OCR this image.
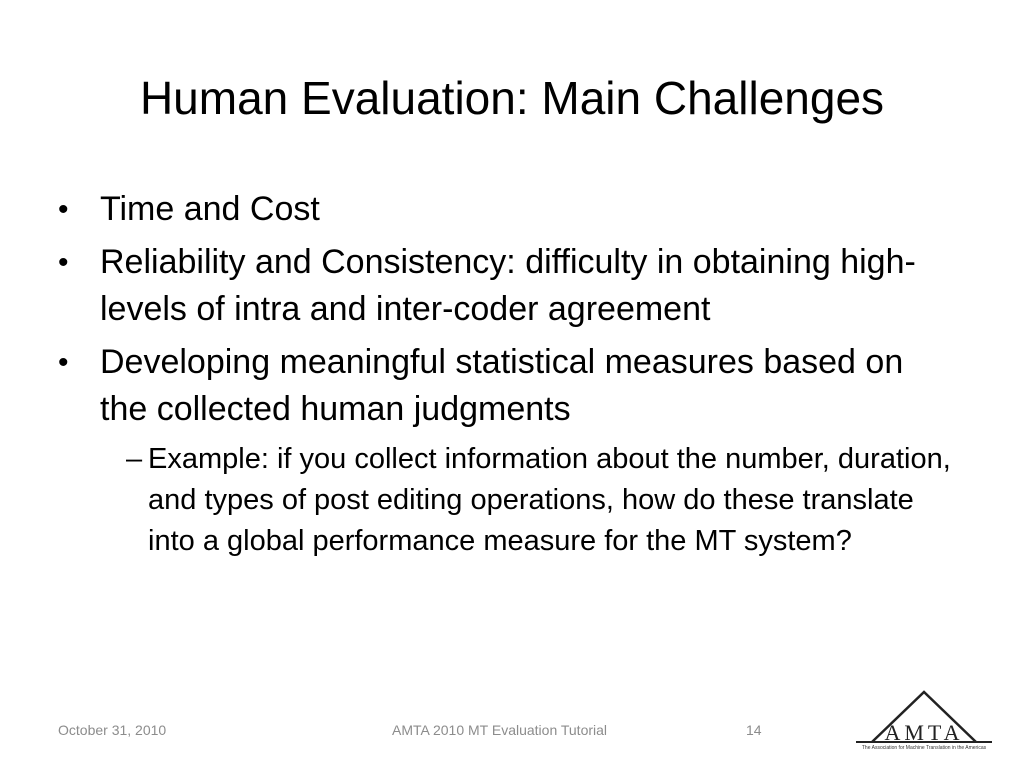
Human Evaluation: Main Challenges
• Time and Cost
• Reliability and Consistency: difficulty in obtaining high-levels of intra and inter-coder agreement
• Developing meaningful statistical measures based on the collected human judgments
– Example: if you collect information about the number, duration, and types of post editing operations, how do these translate into a global performance measure for the MT system?
October 31, 2010	AMTA 2010 MT Evaluation Tutorial	14	AMTA
The Association for Machine Translation in the Americas
